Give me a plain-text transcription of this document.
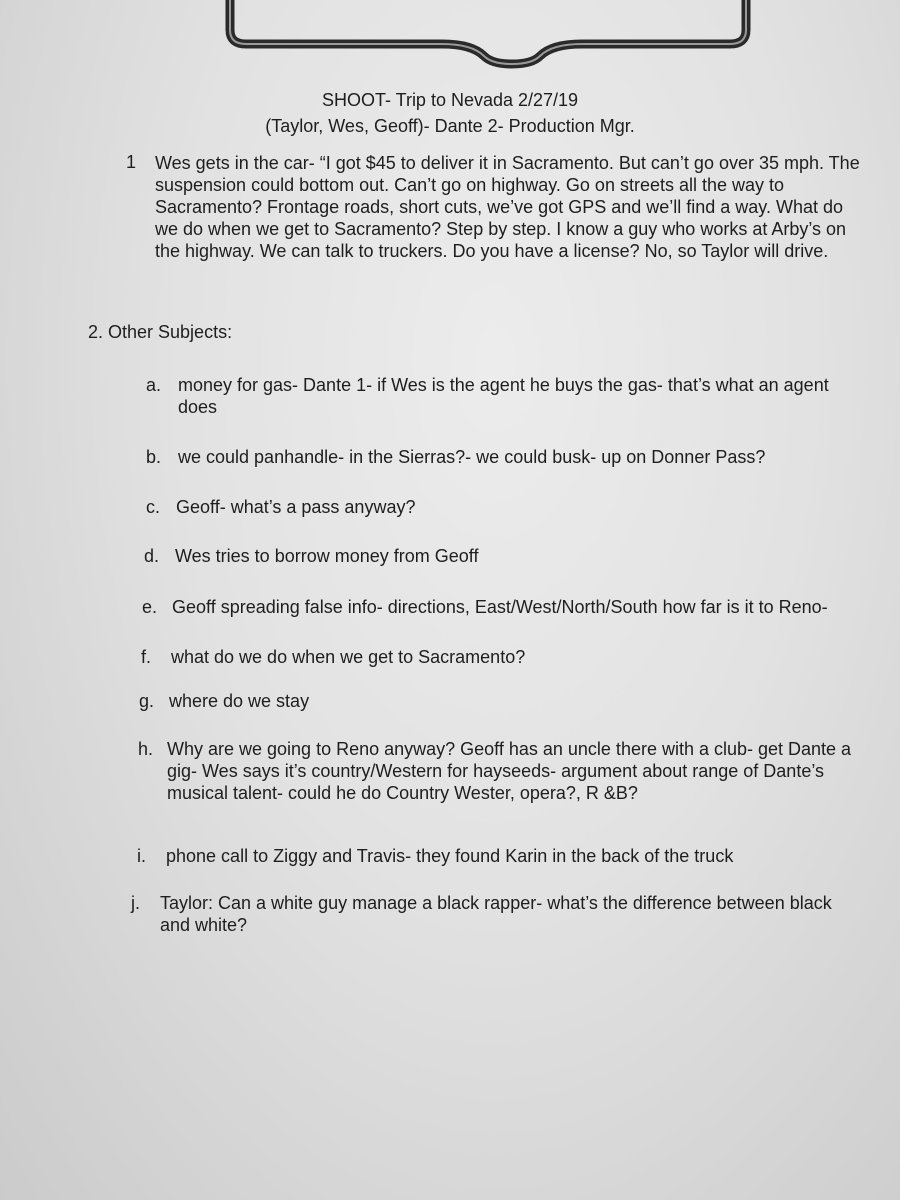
SHOOT- Trip to Nevada 2/27/19
(Taylor, Wes, Geoff)- Dante 2- Production Mgr.
1 Wes gets in the car- “I got $45 to deliver it in Sacramento. But can’t go over 35 mph. The suspension could bottom out. Can’t go on highway. Go on streets all the way to Sacramento? Frontage roads, short cuts, we’ve got GPS and we’ll find a way. What do we do when we get to Sacramento? Step by step. I know a guy who works at Arby’s on the highway. We can talk to truckers. Do you have a license? No, so Taylor will drive.

2. Other Subjects:
a. money for gas- Dante 1- if Wes is the agent he buys the gas- that’s what an agent does

b. we could panhandle- in the Sierras?- we could busk- up on Donner Pass?

c. Geoff- what’s a pass anyway?

d. Wes tries to borrow money from Geoff

e. Geoff spreading false info- directions, East/West/North/South how far is it to Reno-

f. what do we do when we get to Sacramento?

g. where do we stay

h. Why are we going to Reno anyway? Geoff has an uncle there with a club- get Dante a gig- Wes says it’s country/Western for hayseeds- argument about range of Dante’s musical talent- could he do Country Wester, opera?, R &B?

i. phone call to Ziggy and Travis- they found Karin in the back of the truck

j. Taylor: Can a white guy manage a black rapper- what’s the difference between black and white?
